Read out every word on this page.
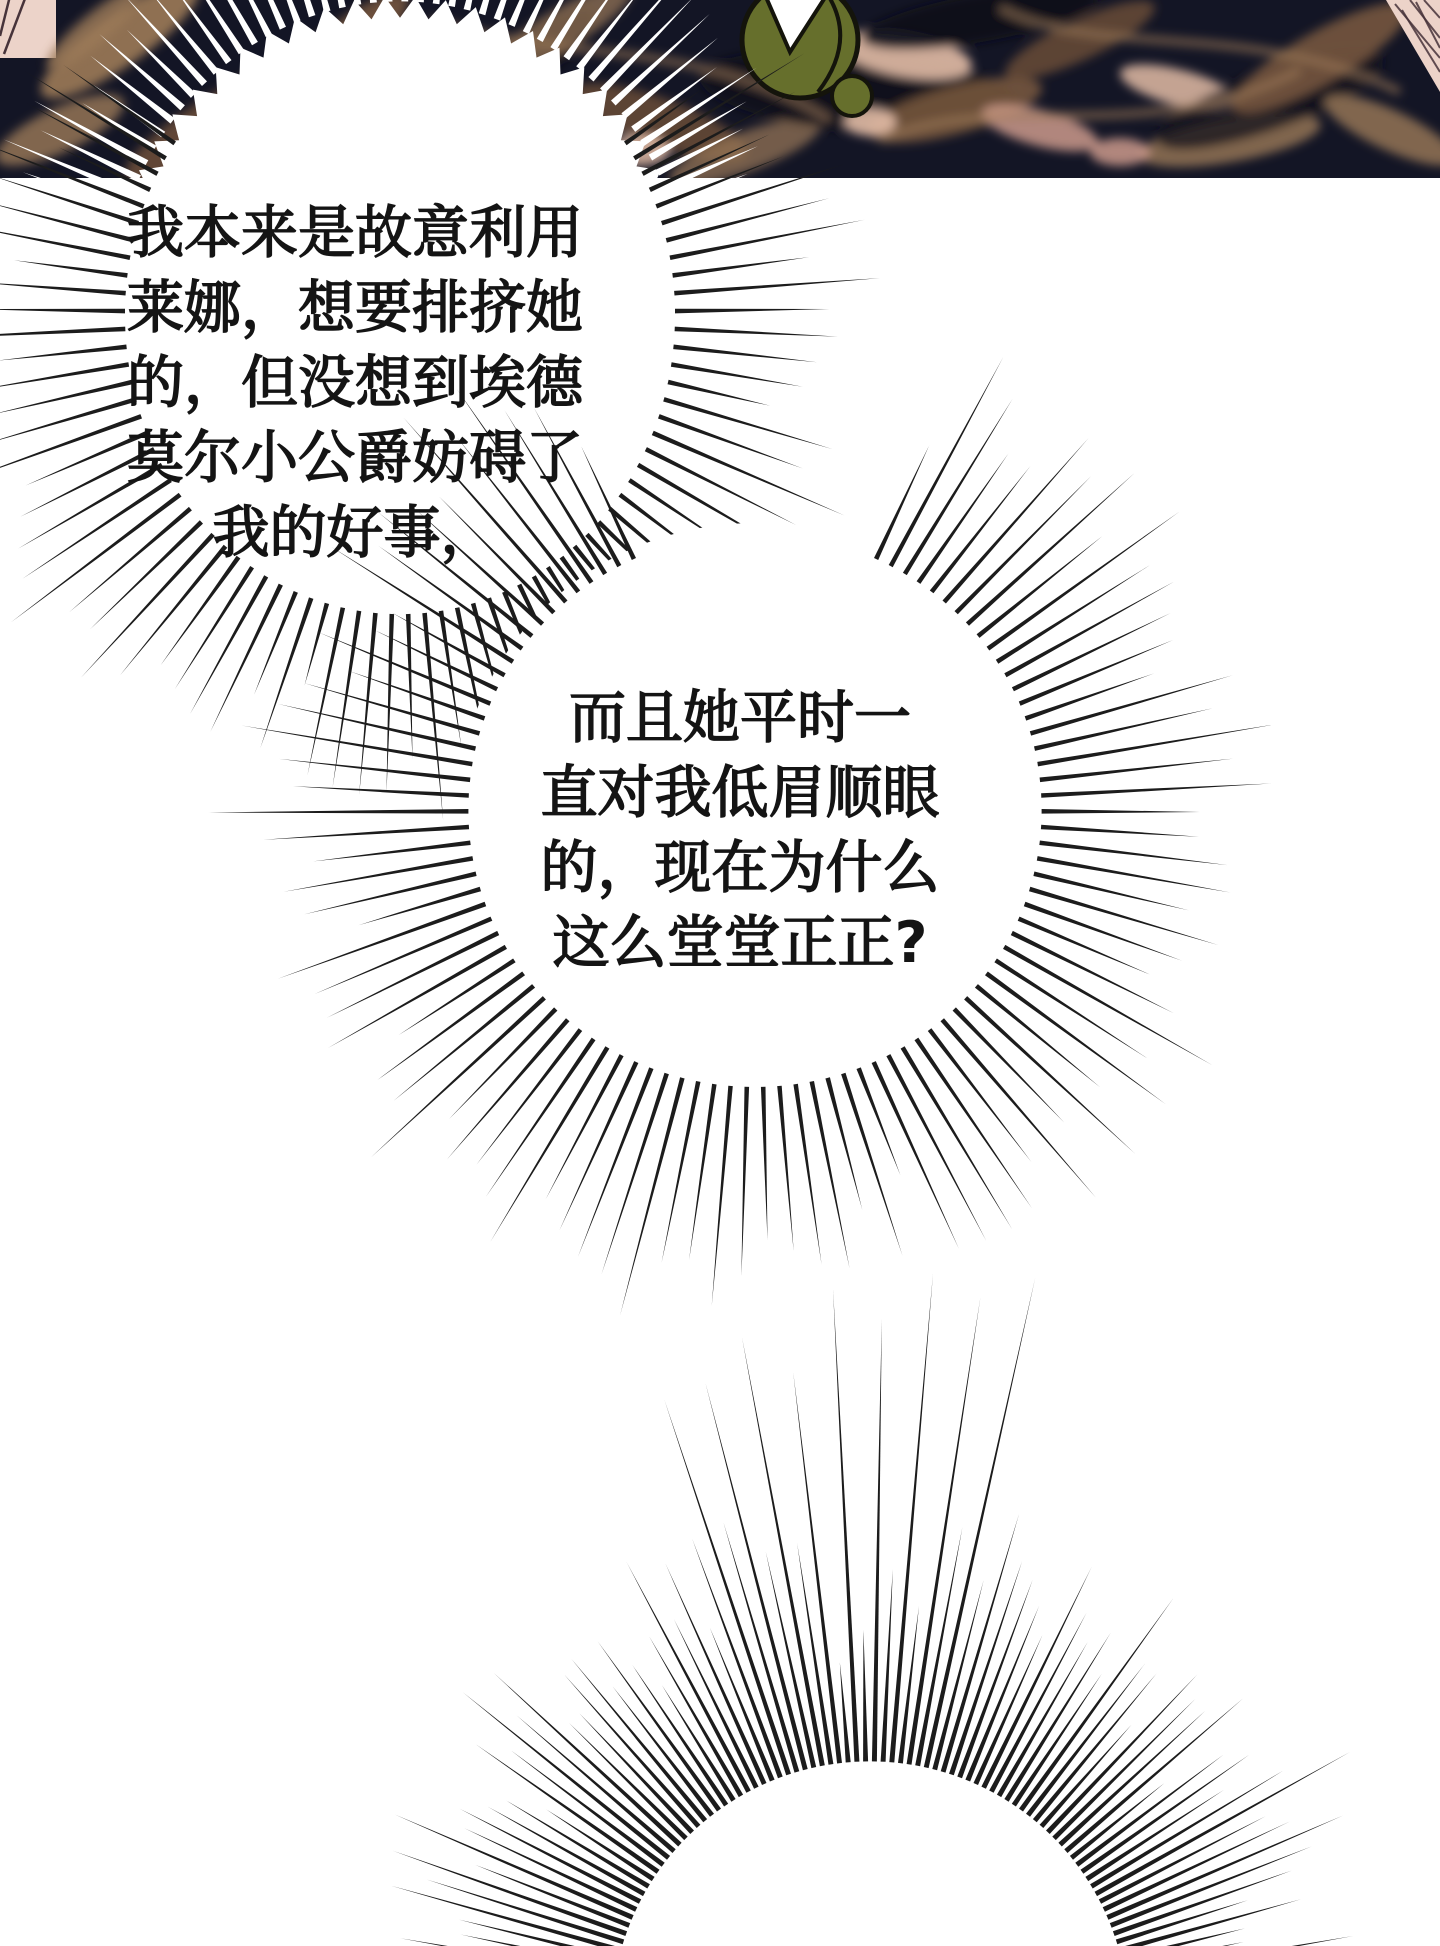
我本来是故意利用
莱娜，想要排挤她
的，但没想到埃德
莫尔小公爵妨碍了
我的好事，
而且她平时一
直对我低眉顺眼
的，现在为什么
这么堂堂正正?
